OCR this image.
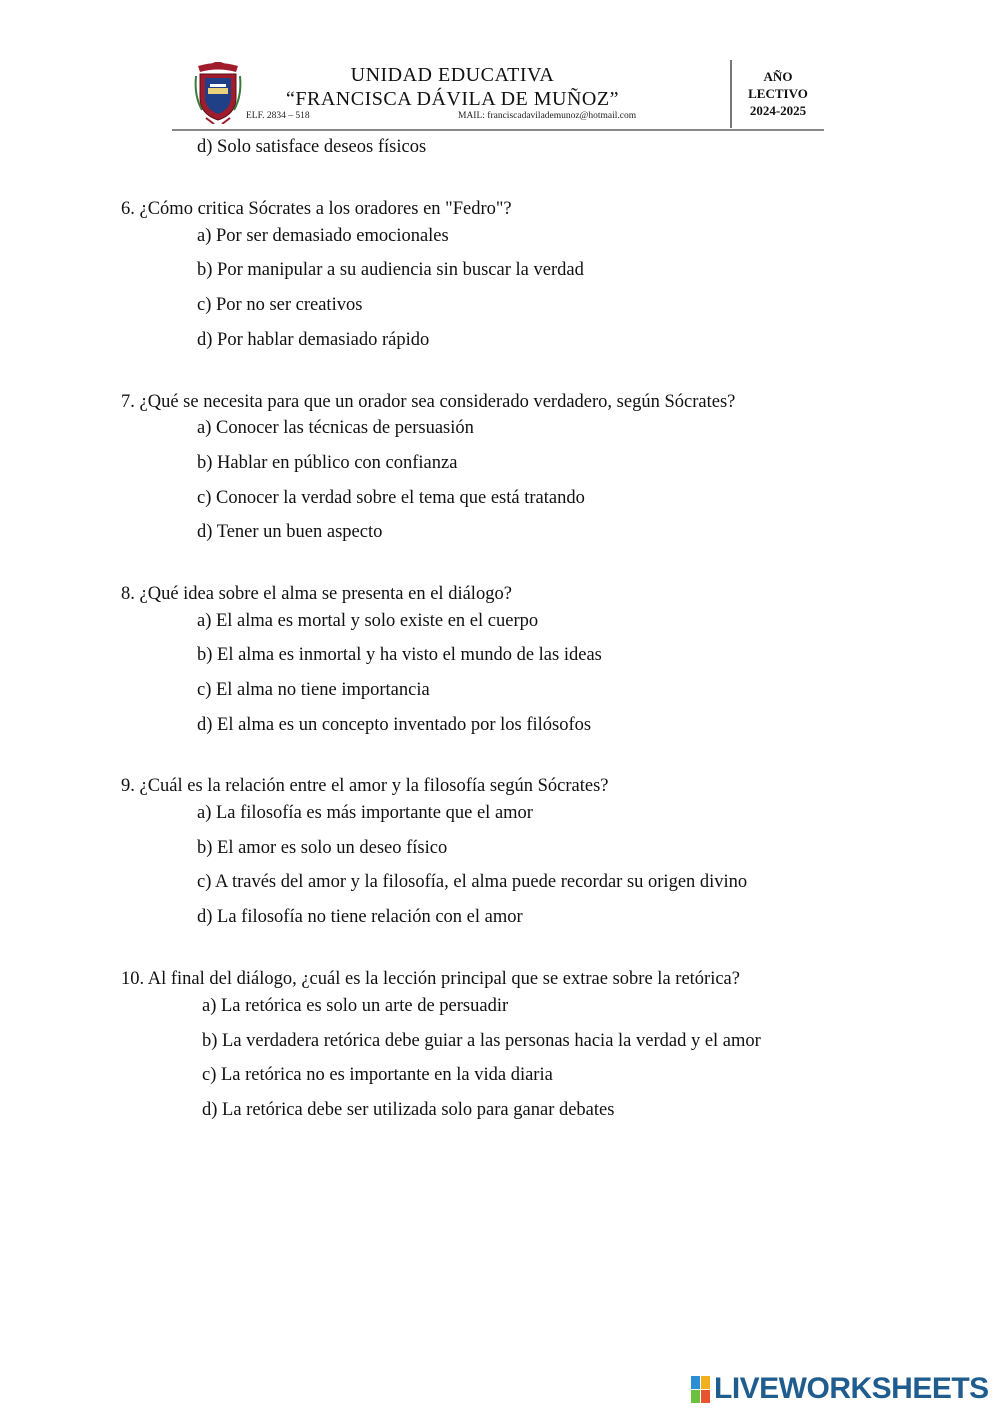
UNIDAD EDUCATIVA
“FRANCISCA DÁVILA DE MUÑOZ”
ELF. 2834 – 518	MAIL: franciscadavilademunoz@hotmail.com
AÑO
LECTIVO
2024-2025
d) Solo satisface deseos físicos
6. ¿Cómo critica Sócrates a los oradores en "Fedro"?
a) Por ser demasiado emocionales
b) Por manipular a su audiencia sin buscar la verdad
c) Por no ser creativos
d) Por hablar demasiado rápido
7. ¿Qué se necesita para que un orador sea considerado verdadero, según Sócrates?
a) Conocer las técnicas de persuasión
b) Hablar en público con confianza
c) Conocer la verdad sobre el tema que está tratando
d) Tener un buen aspecto
8. ¿Qué idea sobre el alma se presenta en el diálogo?
a) El alma es mortal y solo existe en el cuerpo
b) El alma es inmortal y ha visto el mundo de las ideas
c) El alma no tiene importancia
d) El alma es un concepto inventado por los filósofos
9. ¿Cuál es la relación entre el amor y la filosofía según Sócrates?
a) La filosofía es más importante que el amor
b) El amor es solo un deseo físico
c) A través del amor y la filosofía, el alma puede recordar su origen divino
d) La filosofía no tiene relación con el amor
10. Al final del diálogo, ¿cuál es la lección principal que se extrae sobre la retórica?
a) La retórica es solo un arte de persuadir
b) La verdadera retórica debe guiar a las personas hacia la verdad y el amor
c) La retórica no es importante en la vida diaria
d) La retórica debe ser utilizada solo para ganar debates
LIVEWORKSHEETS
